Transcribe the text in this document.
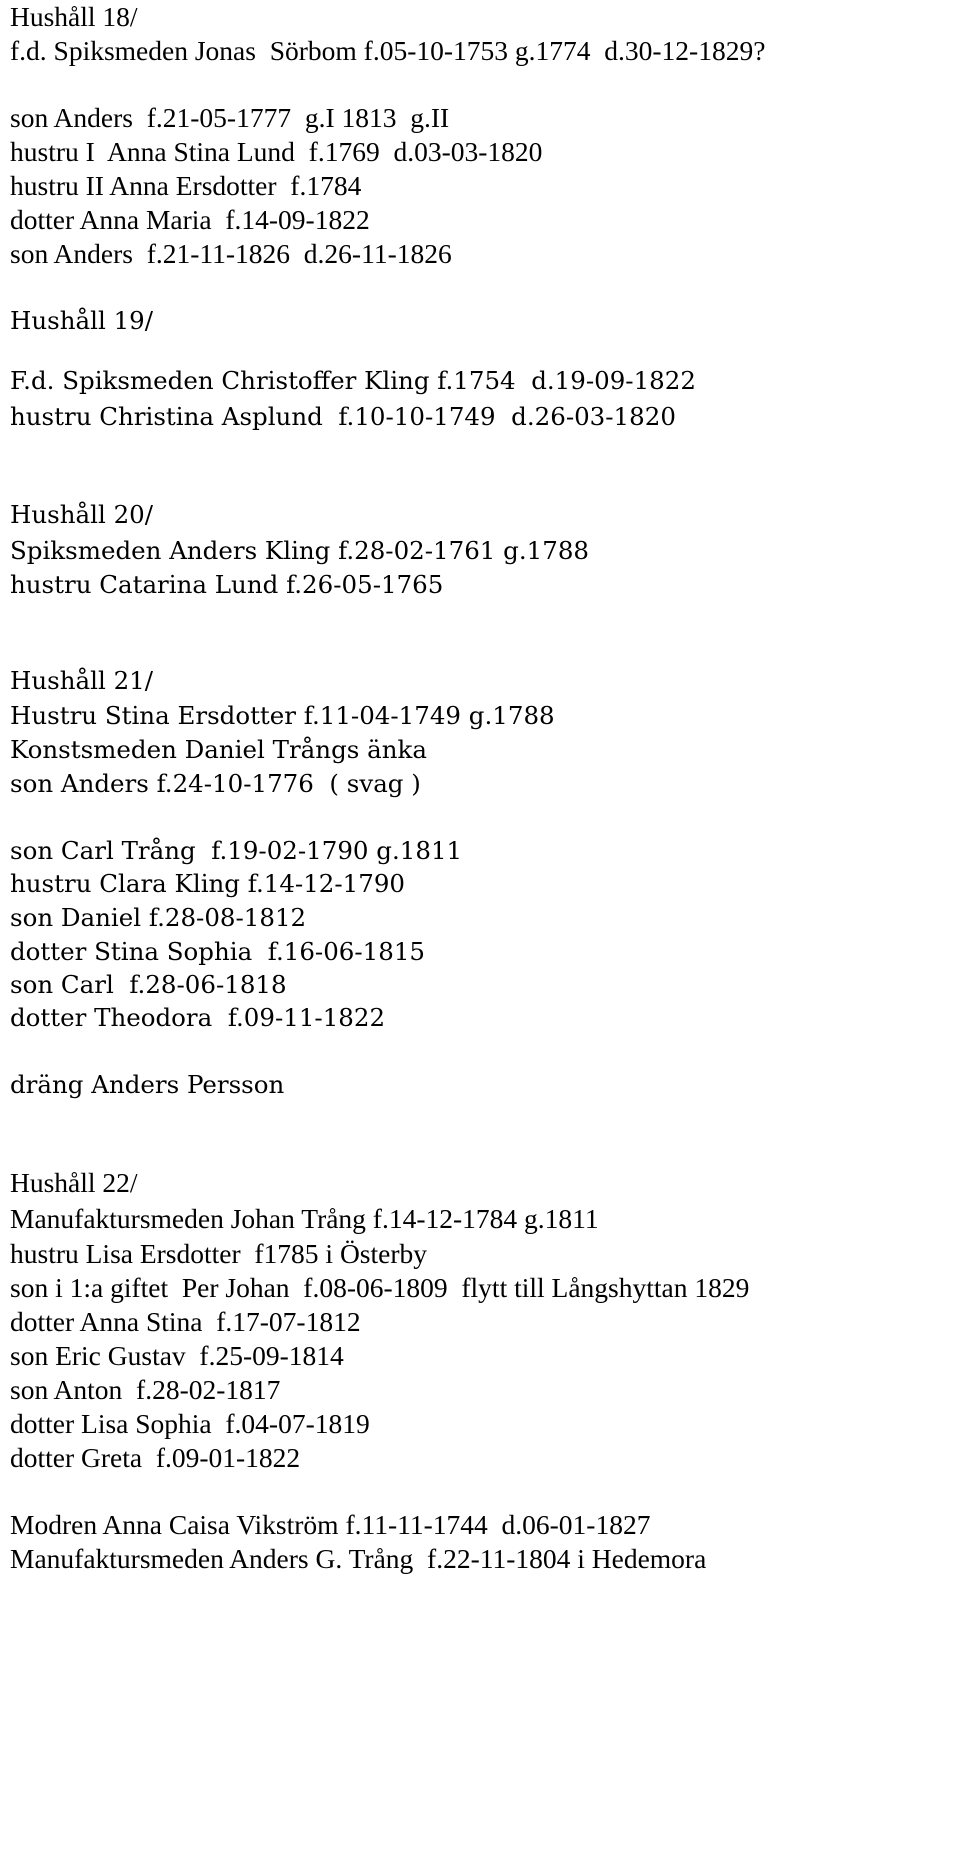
Hushåll 18/
f.d. Spiksmeden Jonas  Sörbom f.05-10-1753 g.1774  d.30-12-1829?
son Anders  f.21-05-1777  g.I 1813  g.II
hustru I  Anna Stina Lund  f.1769  d.03-03-1820
hustru II Anna Ersdotter  f.1784
dotter Anna Maria  f.14-09-1822
son Anders  f.21-11-1826  d.26-11-1826
Hushåll 19/
F.d. Spiksmeden Christoffer Kling f.1754  d.19-09-1822
hustru Christina Asplund  f.10-10-1749  d.26-03-1820
Hushåll 20/
Spiksmeden Anders Kling f.28-02-1761 g.1788
hustru Catarina Lund f.26-05-1765
Hushåll 21/
Hustru Stina Ersdotter f.11-04-1749 g.1788
Konstsmeden Daniel Trångs änka
son Anders f.24-10-1776  ( svag )
son Carl Trång  f.19-02-1790 g.1811
hustru Clara Kling f.14-12-1790
son Daniel f.28-08-1812
dotter Stina Sophia  f.16-06-1815
son Carl  f.28-06-1818
dotter Theodora  f.09-11-1822
dräng Anders Persson
Hushåll 22/
Manufaktursmeden Johan Trång f.14-12-1784 g.1811
hustru Lisa Ersdotter  f1785 i Österby
son i 1:a giftet  Per Johan  f.08-06-1809  flytt till Långshyttan 1829
dotter Anna Stina  f.17-07-1812
son Eric Gustav  f.25-09-1814
son Anton  f.28-02-1817
dotter Lisa Sophia  f.04-07-1819
dotter Greta  f.09-01-1822
Modren Anna Caisa Vikström f.11-11-1744  d.06-01-1827
Manufaktursmeden Anders G. Trång  f.22-11-1804 i Hedemora
